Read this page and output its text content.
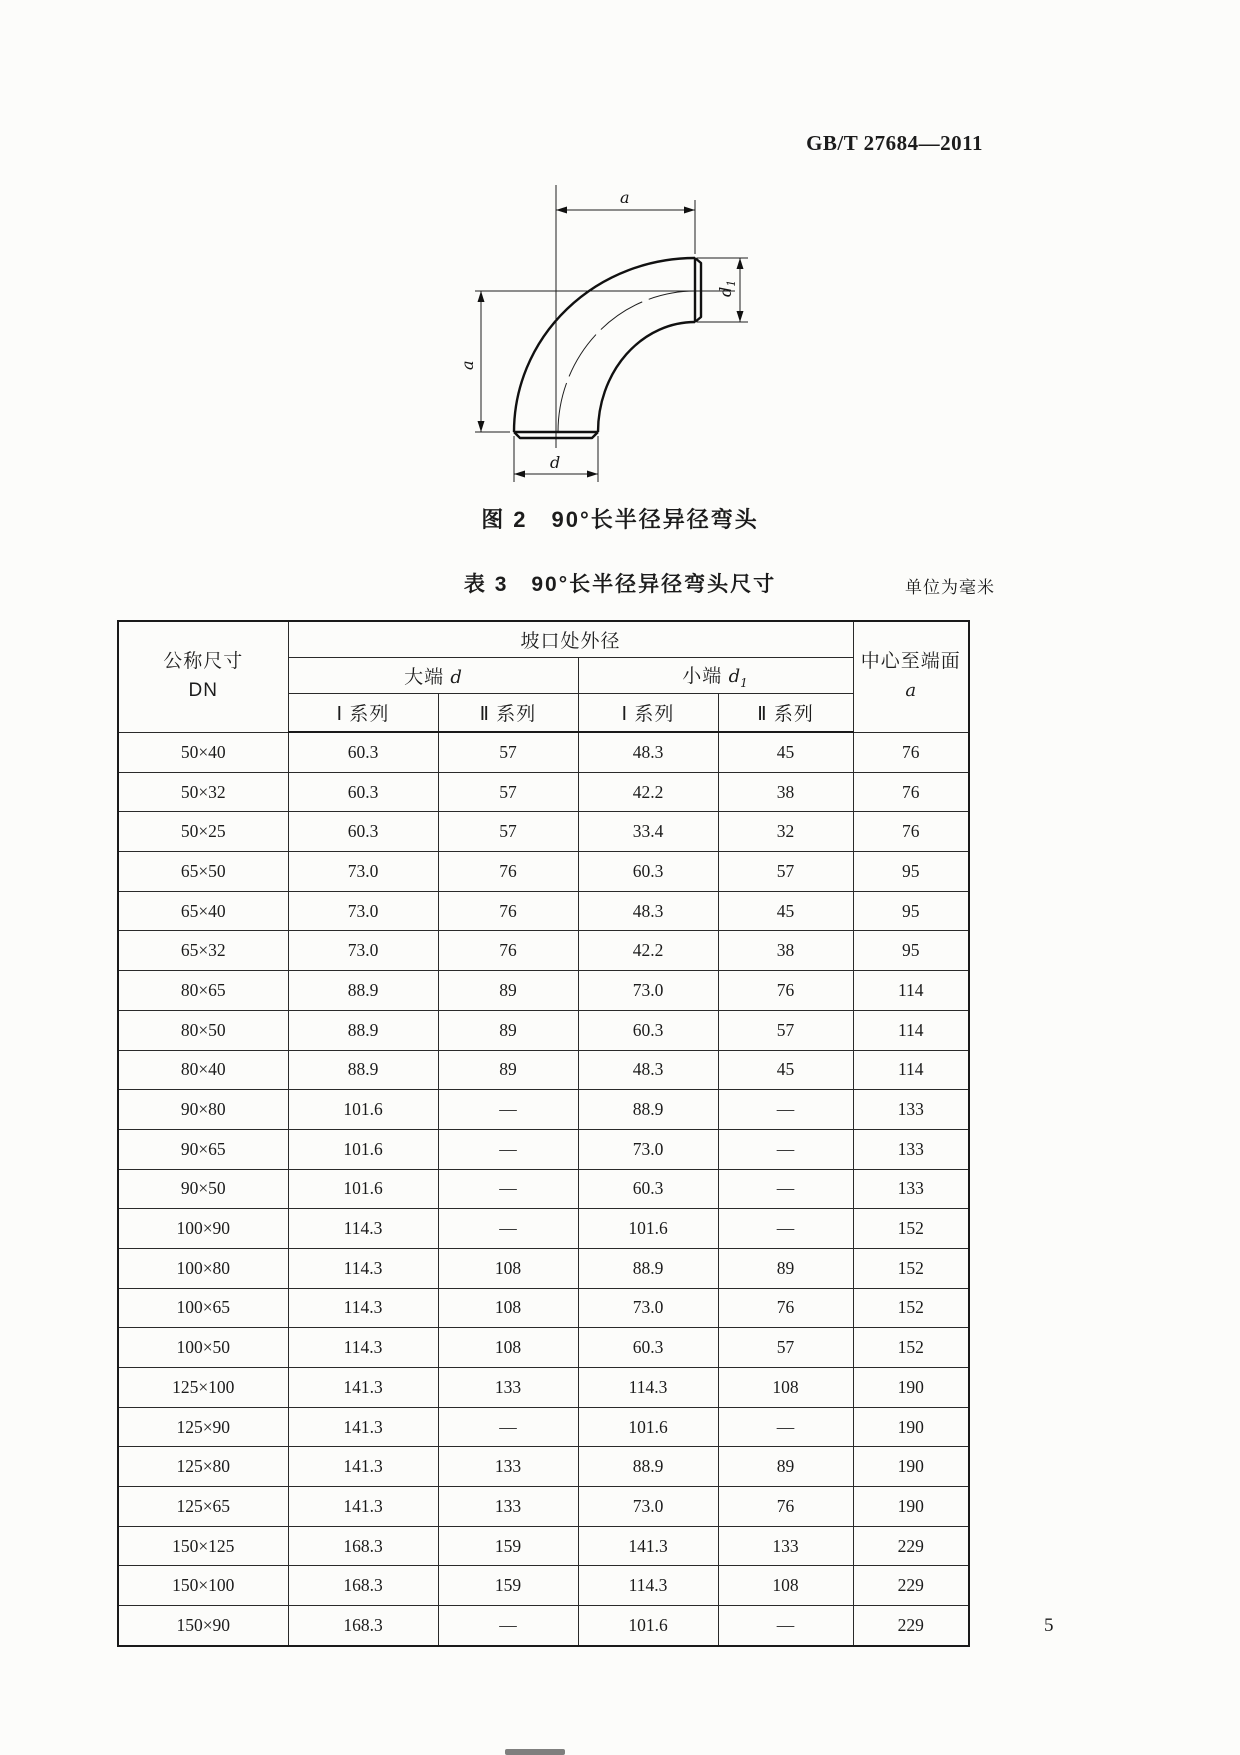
GB/T 27684—2011
a
a
$d_1$
d
图 2　90°长半径异径弯头
表 3　90°长半径异径弯头尺寸	单位为毫米
公称尺寸
DN
	坡口处外径	
中心至端面
a

	大端 d		小端 $d_1$
	Ⅰ 系列	Ⅱ 系列	Ⅰ 系列	Ⅱ 系列	
50×40	60.3	57	48.3	45	76
50×32	60.3	57	42.2	38	76
50×25	60.3	57	33.4	32	76
65×50	73.0	76	60.3	57	95
65×40	73.0	76	48.3	45	95
65×32	73.0	76	42.2	38	95
80×65	88.9	89	73.0	76	114
80×50	88.9	89	60.3	57	114
80×40	88.9	89	48.3	45	114
90×80	101.6	—	88.9	—	133
90×65	101.6	—	73.0	—	133
90×50	101.6	—	60.3	—	133
100×90	114.3	—	101.6	—	152
100×80	114.3	108	88.9	89	152
100×65	114.3	108	73.0	76	152
100×50	114.3	108	60.3	57	152
125×100	141.3	133	114.3	108	190
125×90	141.3	—	101.6	—	190
125×80	141.3	133	88.9	89	190
125×65	141.3	133	73.0	76	190
150×125	168.3	159	141.3	133	229
150×100	168.3	159	114.3	108	229
150×90	168.3	—	101.6	—	229	5
